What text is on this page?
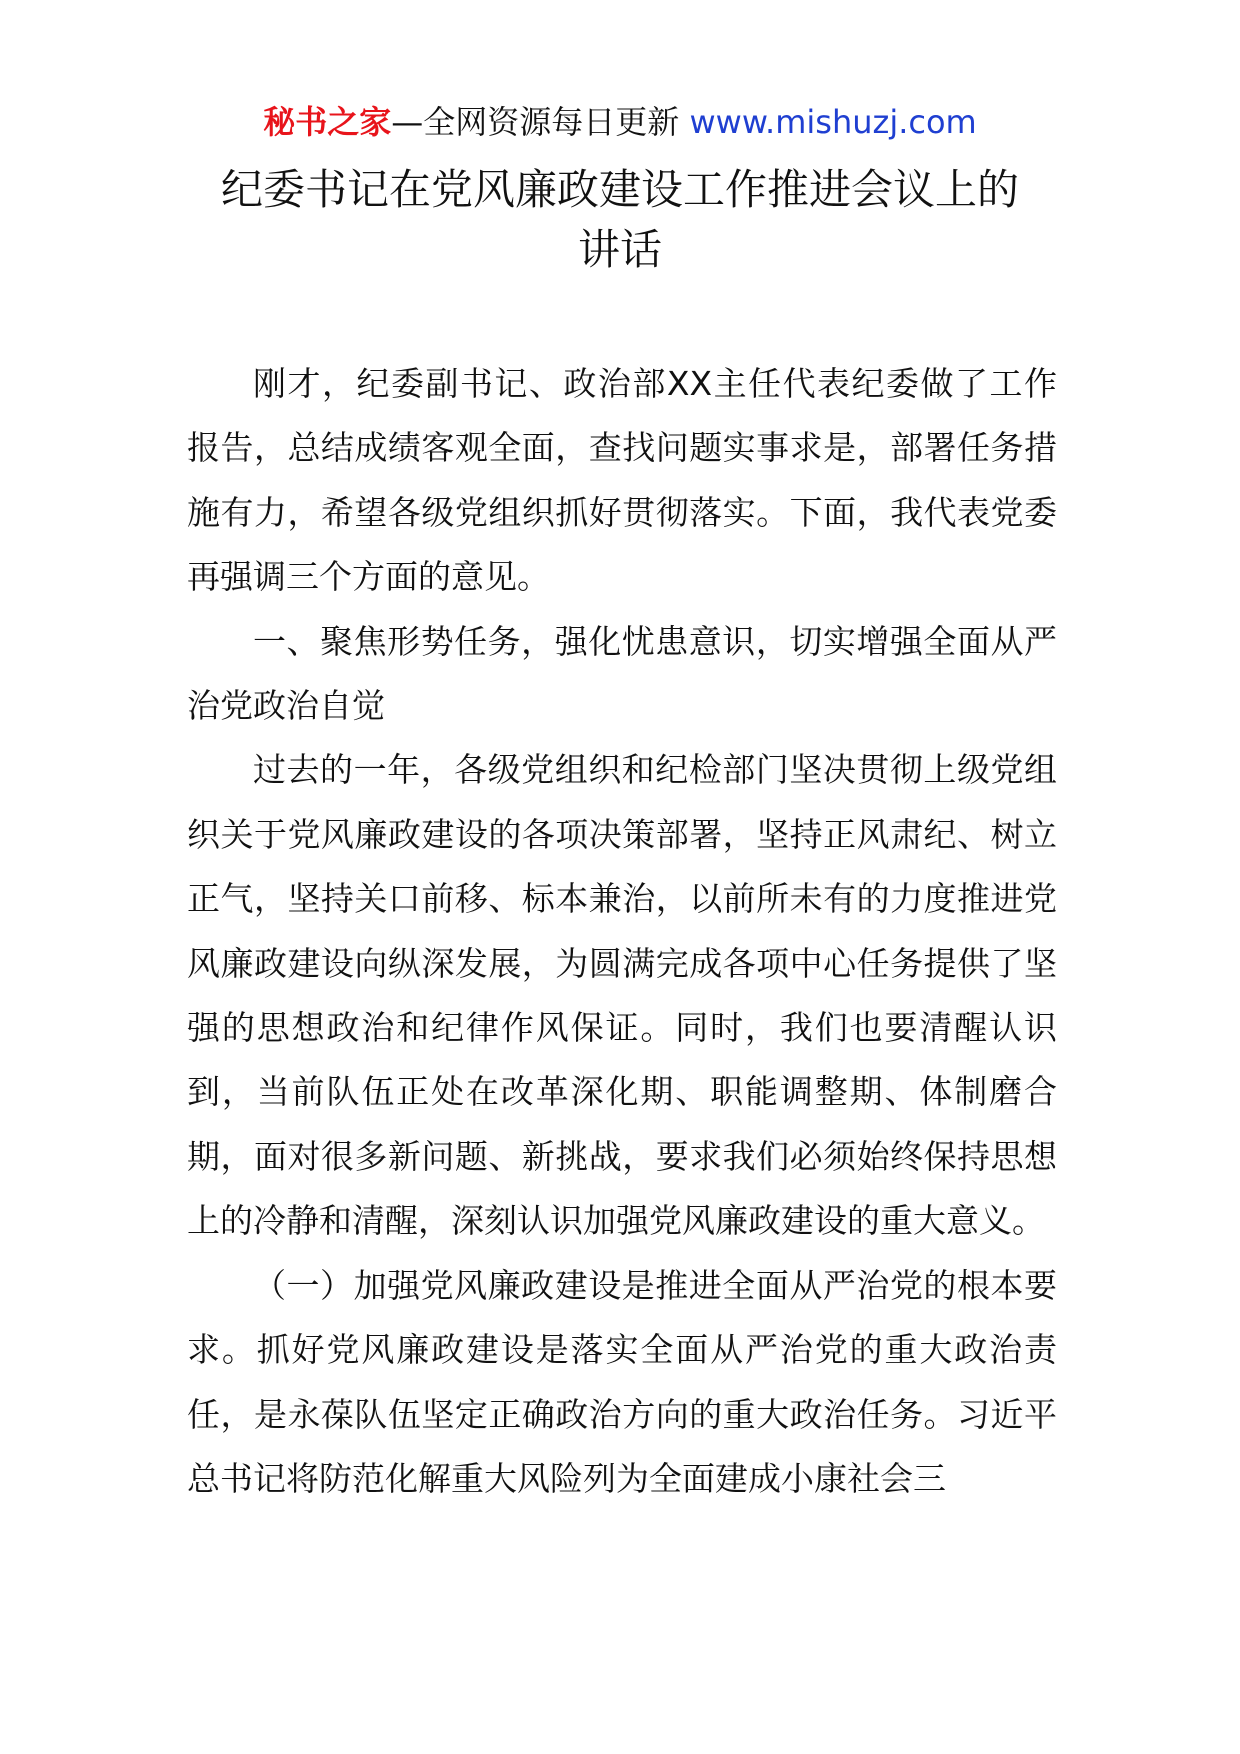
秘书之家—全网资源每日更新 www.mishuzj.com
纪委书记在党风廉政建设工作推进会议上的
讲话

刚才，纪委副书记、政治部XX主任代表纪委做了工作报告，总结成绩客观全面，查找问题实事求是，部署任务措施有力，希望各级党组织抓好贯彻落实。下面，我代表党委再强调三个方面的意见。

一、聚焦形势任务，强化忧患意识，切实增强全面从严治党政治自觉

过去的一年，各级党组织和纪检部门坚决贯彻上级党组织关于党风廉政建设的各项决策部署，坚持正风肃纪、树立正气，坚持关口前移、标本兼治，以前所未有的力度推进党风廉政建设向纵深发展，为圆满完成各项中心任务提供了坚强的思想政治和纪律作风保证。同时，我们也要清醒认识到，当前队伍正处在改革深化期、职能调整期、体制磨合期，面对很多新问题、新挑战，要求我们必须始终保持思想上的冷静和清醒，深刻认识加强党风廉政建设的重大意义。

（一）加强党风廉政建设是推进全面从严治党的根本要求。抓好党风廉政建设是落实全面从严治党的重大政治责任，是永葆队伍坚定正确政治方向的重大政治任务。习近平总书记将防范化解重大风险列为全面建成小康社会三
